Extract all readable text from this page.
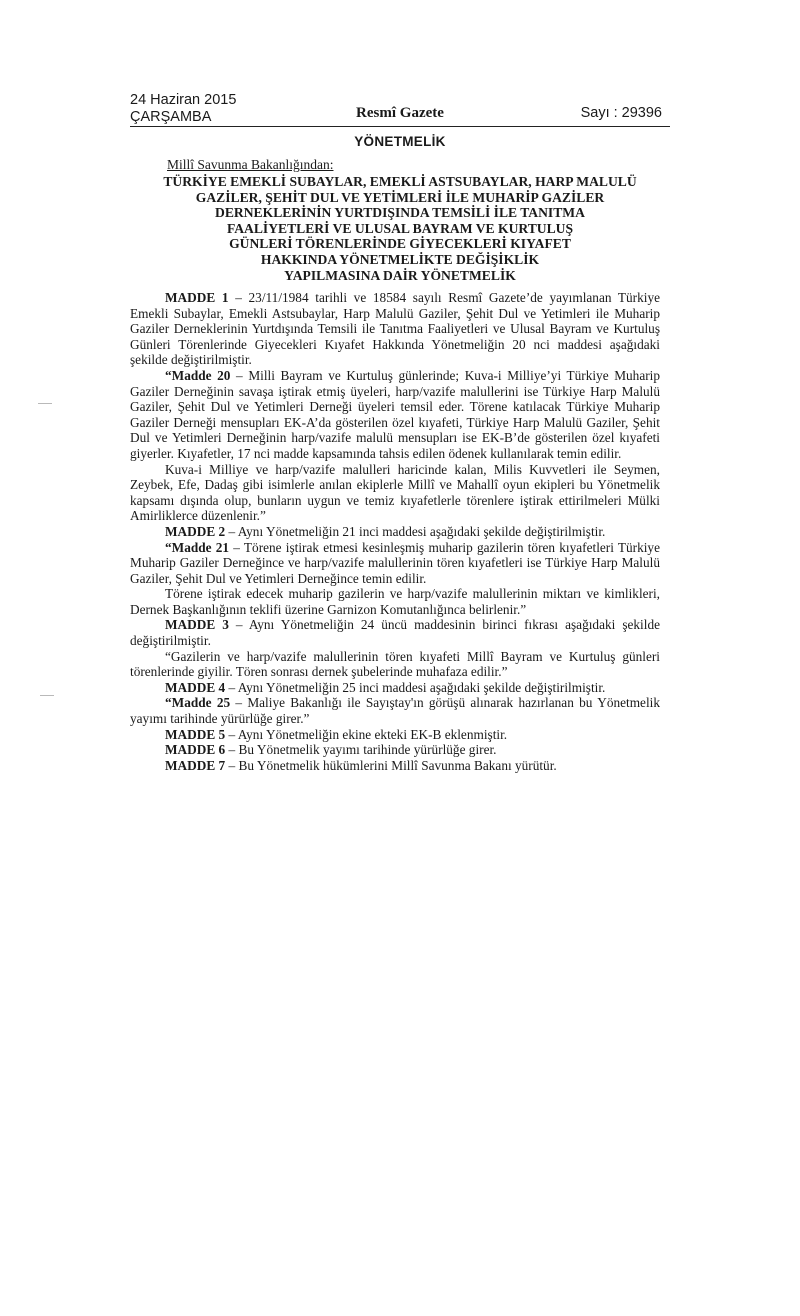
24 Haziran 2015
ÇARŞAMBA	Resmî Gazete	Sayı : 29396
YÖNETMELİK
Millî Savunma Bakanlığından:
TÜRKİYE EMEKLİ SUBAYLAR, EMEKLİ ASTSUBAYLAR, HARP MALULÜ
GAZİLER, ŞEHİT DUL VE YETİMLERİ İLE MUHARİP GAZİLER
DERNEKLERİNİN YURTDIŞINDA TEMSİLİ İLE TANITMA
FAALİYETLERİ VE ULUSAL BAYRAM VE KURTULUŞ
GÜNLERİ TÖRENLERİNDE GİYECEKLERİ KIYAFET
HAKKINDA YÖNETMELİKTE DEĞİŞİKLİK
YAPILMASINA DAİR YÖNETMELİK

MADDE 1 – 23/11/1984 tarihli ve 18584 sayılı Resmî Gazete’de yayımlanan Türkiye Emekli Subaylar, Emekli Astsubaylar, Harp Malulü Gaziler, Şehit Dul ve Yetimleri ile Muharip Gaziler Derneklerinin Yurtdışında Temsili ile Tanıtma Faaliyetleri ve Ulusal Bayram ve Kurtuluş Günleri Törenlerinde Giyecekleri Kıyafet Hakkında Yönetmeliğin 20 nci maddesi aşağıdaki şekilde değiştirilmiştir.

“Madde 20 – Milli Bayram ve Kurtuluş günlerinde; Kuva-i Milliye’yi Türkiye Muharip Gaziler Derneğinin savaşa iştirak etmiş üyeleri, harp/vazife malullerini ise Türkiye Harp Malulü Gaziler, Şehit Dul ve Yetimleri Derneği üyeleri temsil eder. Törene katılacak Türkiye Muharip Gaziler Derneği mensupları EK-A’da gösterilen özel kıyafeti, Türkiye Harp Malulü Gaziler, Şehit Dul ve Yetimleri Derneğinin harp/vazife malulü mensupları ise EK-B’de gösterilen özel kıyafeti giyerler. Kıyafetler, 17 nci madde kapsamında tahsis edilen ödenek kullanılarak temin edilir.

Kuva-i Milliye ve harp/vazife malulleri haricinde kalan, Milis Kuvvetleri ile Seymen, Zeybek, Efe, Dadaş gibi isimlerle anılan ekiplerle Millî ve Mahallî oyun ekipleri bu Yönetmelik kapsamı dışında olup, bunların uygun ve temiz kıyafetlerle törenlere iştirak ettirilmeleri Mülki Amirliklerce düzenlenir.”

MADDE 2 – Aynı Yönetmeliğin 21 inci maddesi aşağıdaki şekilde değiştirilmiştir.

“Madde 21 – Törene iştirak etmesi kesinleşmiş muharip gazilerin tören kıyafetleri Türkiye Muharip Gaziler Derneğince ve harp/vazife malullerinin tören kıyafetleri ise Türkiye Harp Malulü Gaziler, Şehit Dul ve Yetimleri Derneğince temin edilir.

Törene iştirak edecek muharip gazilerin ve harp/vazife malullerinin miktarı ve kimlikleri, Dernek Başkanlığının teklifi üzerine Garnizon Komutanlığınca belirlenir.”

MADDE 3 – Aynı Yönetmeliğin 24 üncü maddesinin birinci fıkrası aşağıdaki şekilde değiştirilmiştir.

“Gazilerin ve harp/vazife malullerinin tören kıyafeti Millî Bayram ve Kurtuluş günleri törenlerinde giyilir. Tören sonrası dernek şubelerinde muhafaza edilir.”

MADDE 4 – Aynı Yönetmeliğin 25 inci maddesi aşağıdaki şekilde değiştirilmiştir.

“Madde 25 – Maliye Bakanlığı ile Sayıştay'ın görüşü alınarak hazırlanan bu Yönetmelik yayımı tarihinde yürürlüğe girer.”

MADDE 5 – Aynı Yönetmeliğin ekine ekteki EK-B eklenmiştir.

MADDE 6 – Bu Yönetmelik yayımı tarihinde yürürlüğe girer.

MADDE 7 – Bu Yönetmelik hükümlerini Millî Savunma Bakanı yürütür.
